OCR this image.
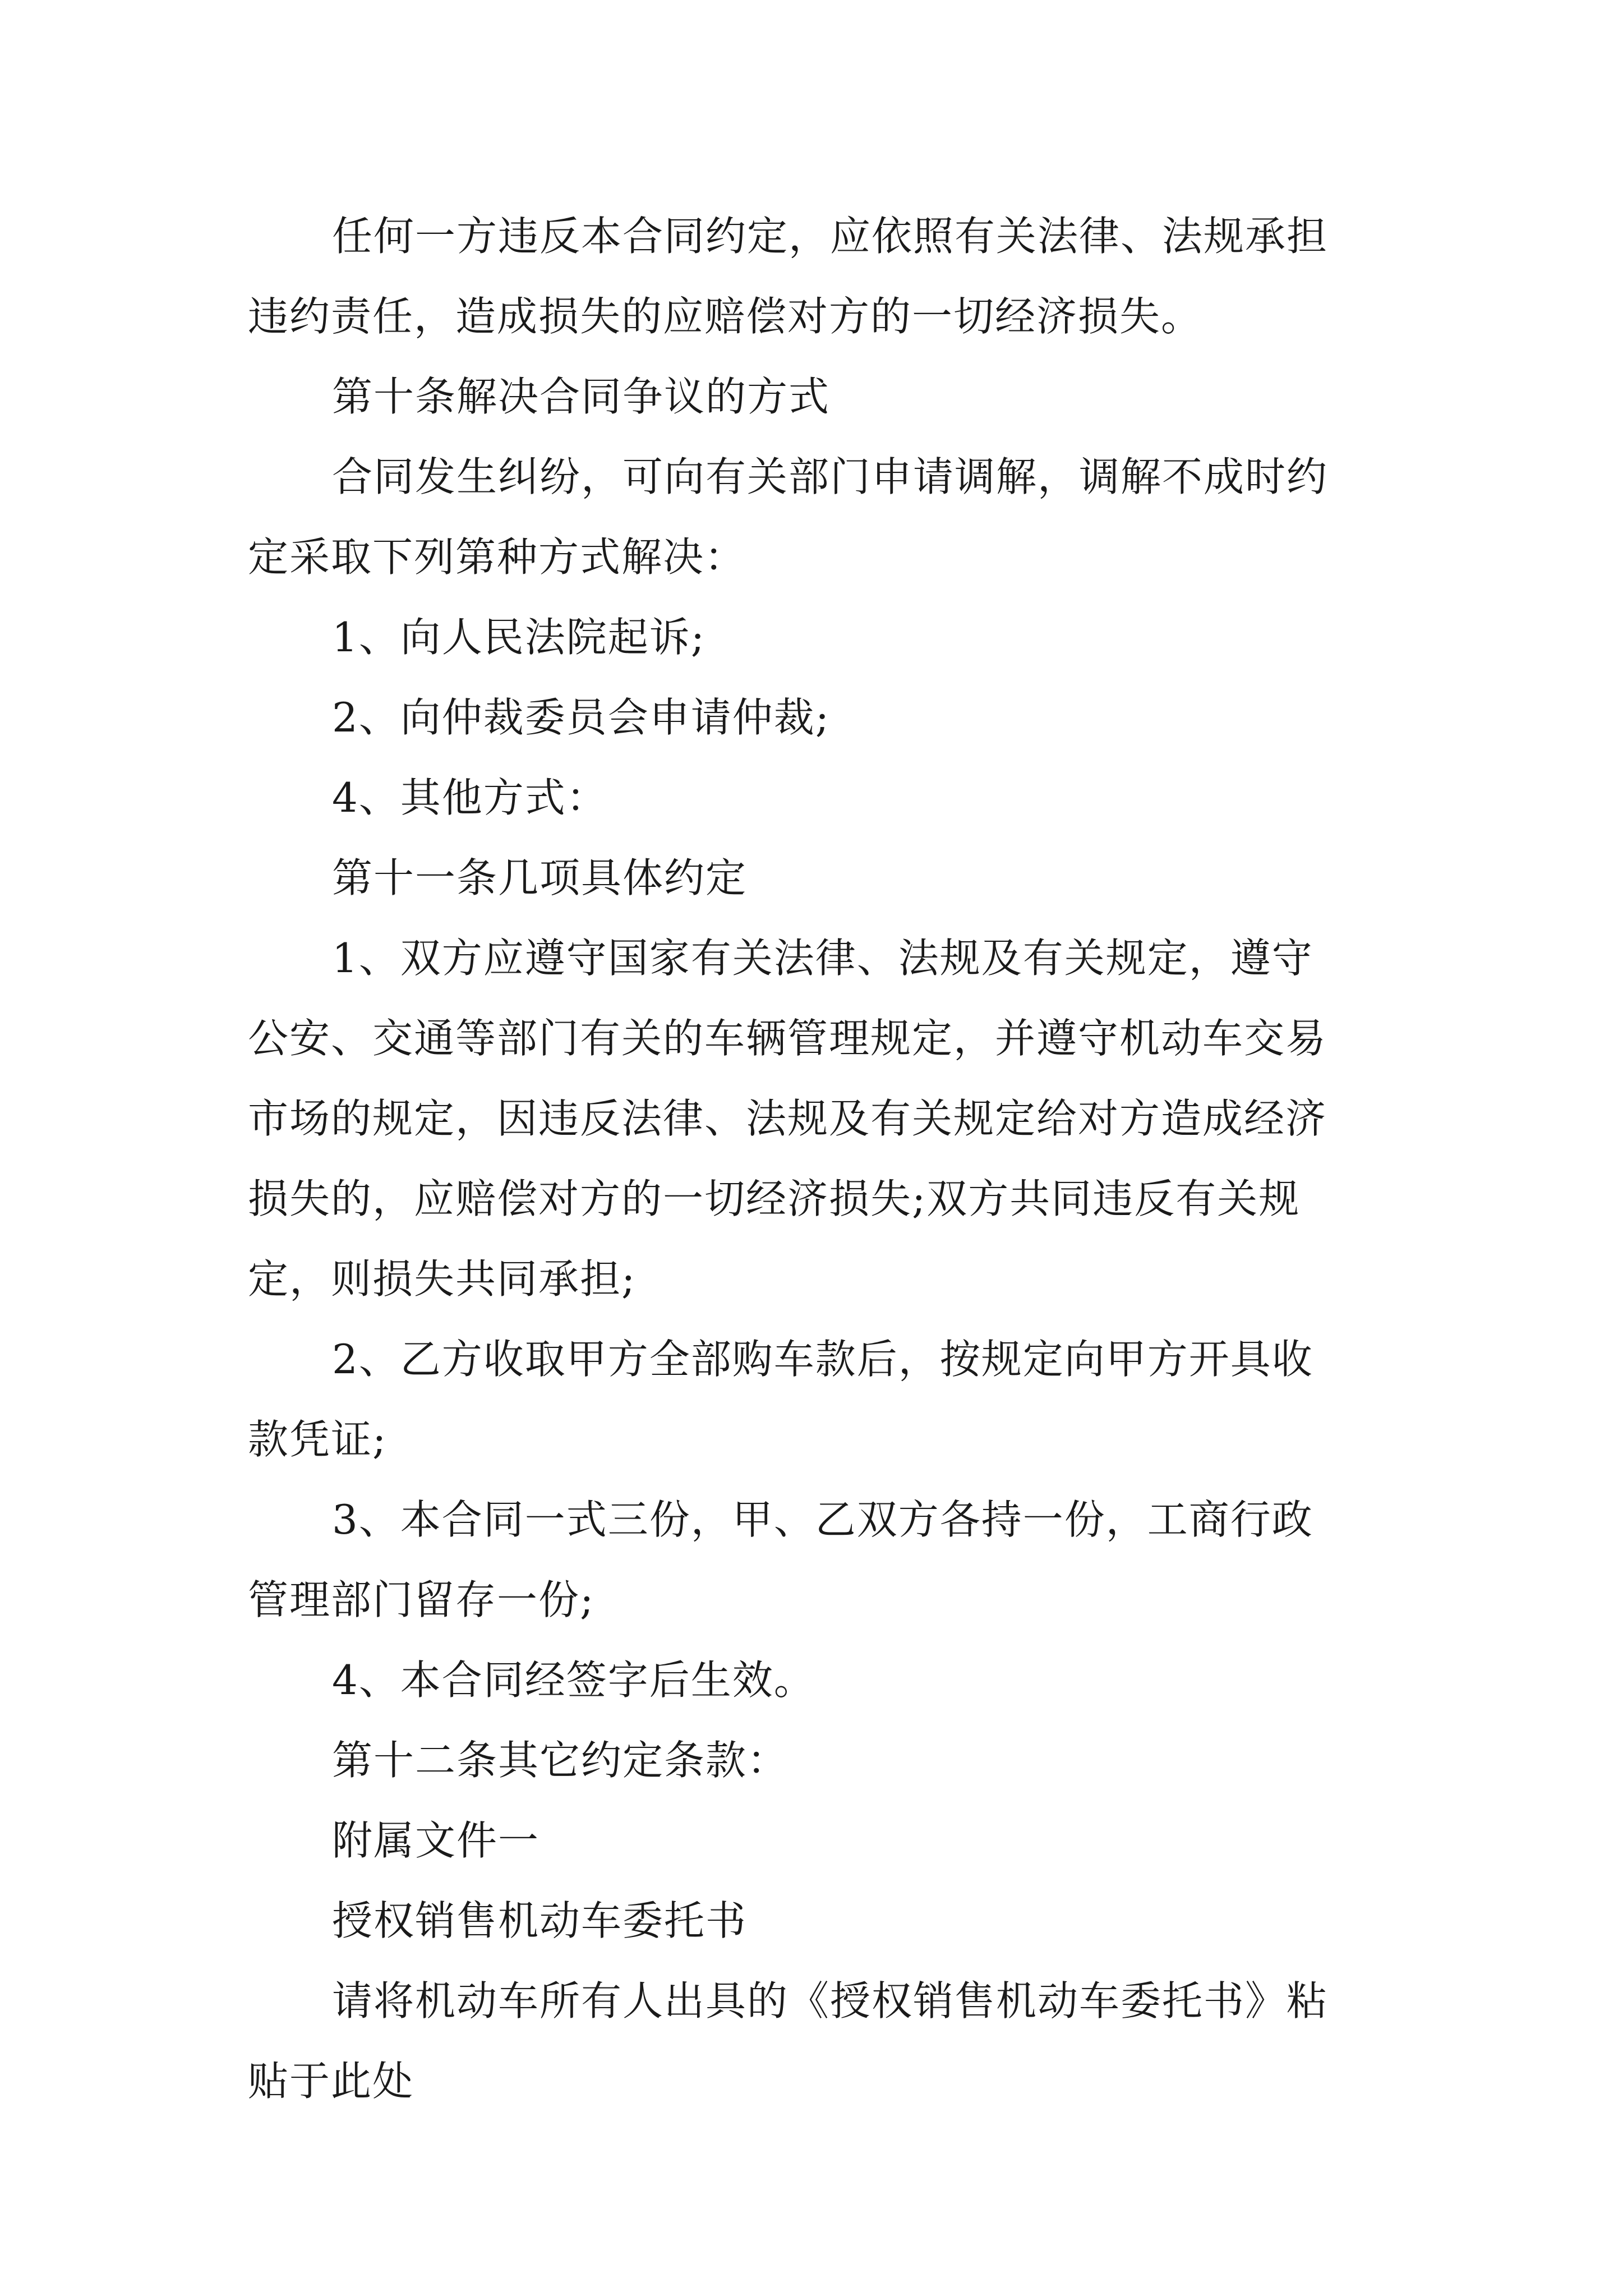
任何一方违反本合同约定，应依照有关法律、法规承担
违约责任，造成损失的应赔偿对方的一切经济损失。
第十条解决合同争议的方式
合同发生纠纷，可向有关部门申请调解，调解不成时约
定采取下列第种方式解决：
1、向人民法院起诉;
2、向仲裁委员会申请仲裁;
4、其他方式：
第十一条几项具体约定
1、双方应遵守国家有关法律、法规及有关规定，遵守
公安、交通等部门有关的车辆管理规定，并遵守机动车交易
市场的规定，因违反法律、法规及有关规定给对方造成经济
损失的，应赔偿对方的一切经济损失;双方共同违反有关规
定，则损失共同承担;
2、乙方收取甲方全部购车款后，按规定向甲方开具收
款凭证;
3、本合同一式三份，甲、乙双方各持一份，工商行政
管理部门留存一份;
4、本合同经签字后生效。
第十二条其它约定条款：
附属文件一
授权销售机动车委托书
请将机动车所有人出具的《授权销售机动车委托书》粘
贴于此处
